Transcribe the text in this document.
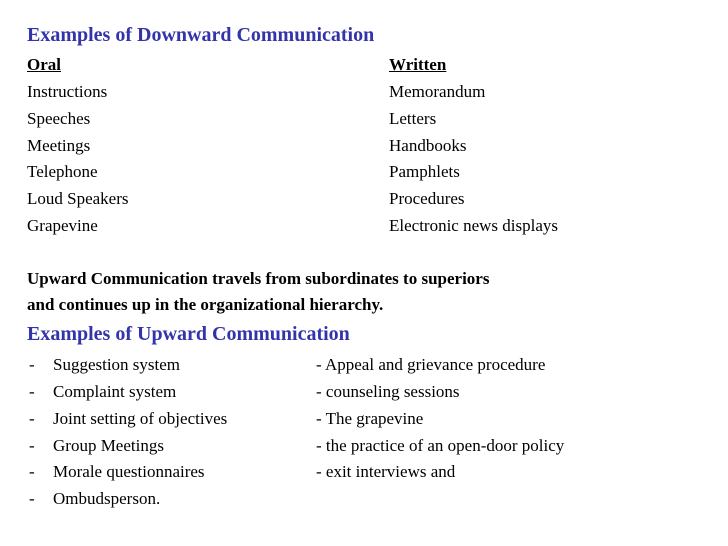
Examples of Downward Communication
Oral	Written
Instructions
Speeches
Meetings
Telephone
Loud Speakers
Grapevine
Memorandum
Letters
Handbooks
Pamphlets
Procedures
Electronic news displays
Upward Communication travels from subordinates to superiors
and continues up in the organizational hierarchy.
Examples of Upward Communication
-
-
-
-
-
-
Suggestion system
Complaint system
Joint setting of objectives
Group Meetings
Morale questionnaires
Ombudsperson.
- Appeal and grievance procedure
- counseling sessions
- The grapevine
- the practice of an open-door policy
- exit interviews and
